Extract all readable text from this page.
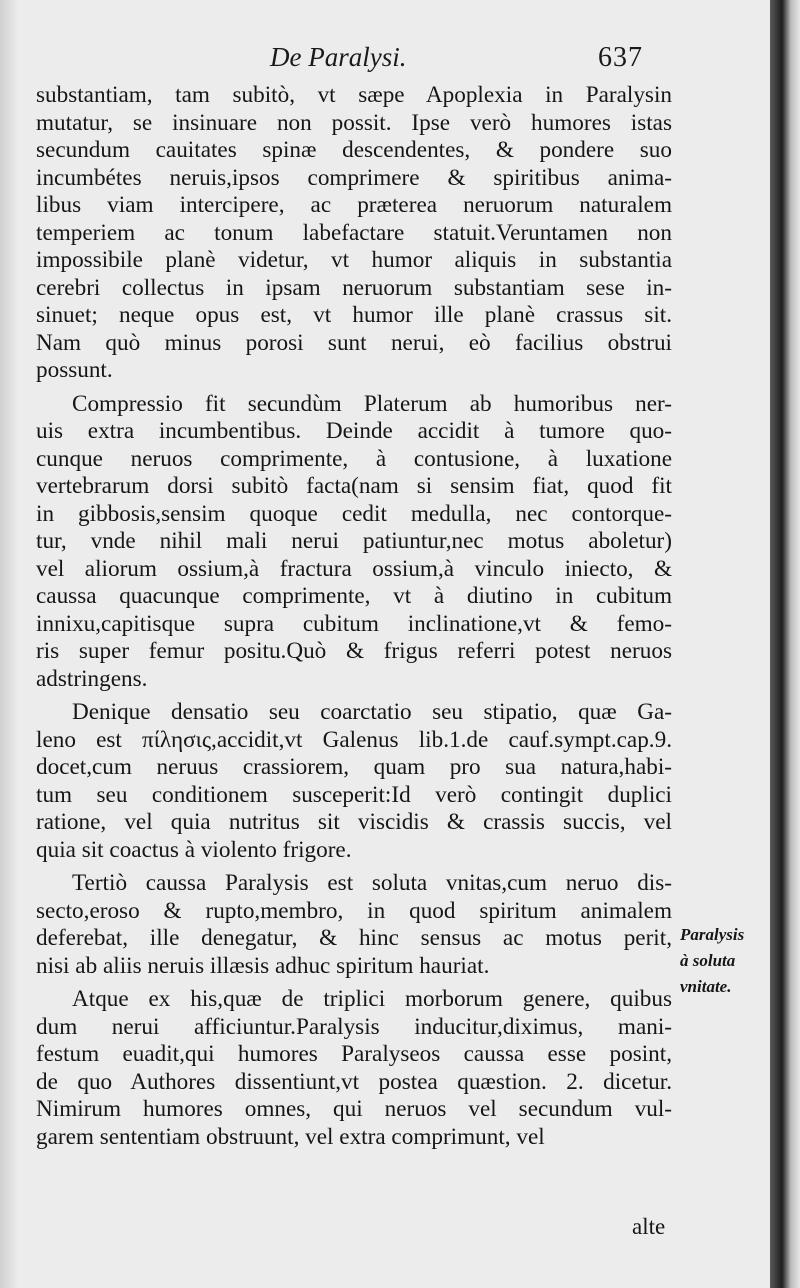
De Paralysi.	637
substantiam, tam subitò, vt sæpe Apoplexia in Paralysin
mutatur, se insinuare non possit. Ipse verò humores istas
secundum cauitates spinæ descendentes, & pondere suo
incumbétes neruis,ipsos comprimere & spiritibus anima-
libus viam intercipere, ac præterea neruorum naturalem
temperiem ac tonum labefactare statuit.Veruntamen non
impossibile planè videtur, vt humor aliquis in substantia
cerebri collectus in ipsam neruorum substantiam sese in-
sinuet; neque opus est, vt humor ille planè crassus sit.
Nam quò minus porosi sunt nerui, eò facilius obstrui
possunt.
Compressio fit secundùm Platerum ab humoribus ner-
uis extra incumbentibus. Deinde accidit à tumore quo-
cunque neruos comprimente, à contusione, à luxatione
vertebrarum dorsi subitò facta(nam si sensim fiat, quod fit
in gibbosis,sensim quoque cedit medulla, nec contorque-
tur, vnde nihil mali nerui patiuntur,nec motus aboletur)
vel aliorum ossium,à fractura ossium,à vinculo iniecto, &
caussa quacunque comprimente, vt à diutino in cubitum
innixu,capitisque supra cubitum inclinatione,vt & femo-
ris super femur positu.Quò & frigus referri potest neruos
adstringens.
Denique densatio seu coarctatio seu stipatio, quæ Ga-
leno est πίλησις,accidit,vt Galenus lib.1.de cauf.sympt.cap.9.
docet,cum neruus crassiorem, quam pro sua natura,habi-
tum seu conditionem susceperit:Id verò contingit duplici
ratione, vel quia nutritus sit viscidis & crassis succis, vel
quia sit coactus à violento frigore.
Tertiò caussa Paralysis est soluta vnitas,cum neruo dis-
secto,eroso & rupto,membro, in quod spiritum animalem
deferebat, ille denegatur, & hinc sensus ac motus perit,
nisi ab aliis neruis illæsis adhuc spiritum hauriat.
Atque ex his,quæ de triplici morborum genere, quibus
dum nerui afficiuntur.Paralysis inducitur,diximus, mani-
festum euadit,qui humores Paralyseos caussa esse posint,
de quo Authores dissentiunt,vt postea quæstion. 2. dicetur.
Nimirum humores omnes, qui neruos vel secundum vul-
garem sententiam obstruunt, vel extra comprimunt, vel
Paralysis
à soluta
vnitate.
alte
